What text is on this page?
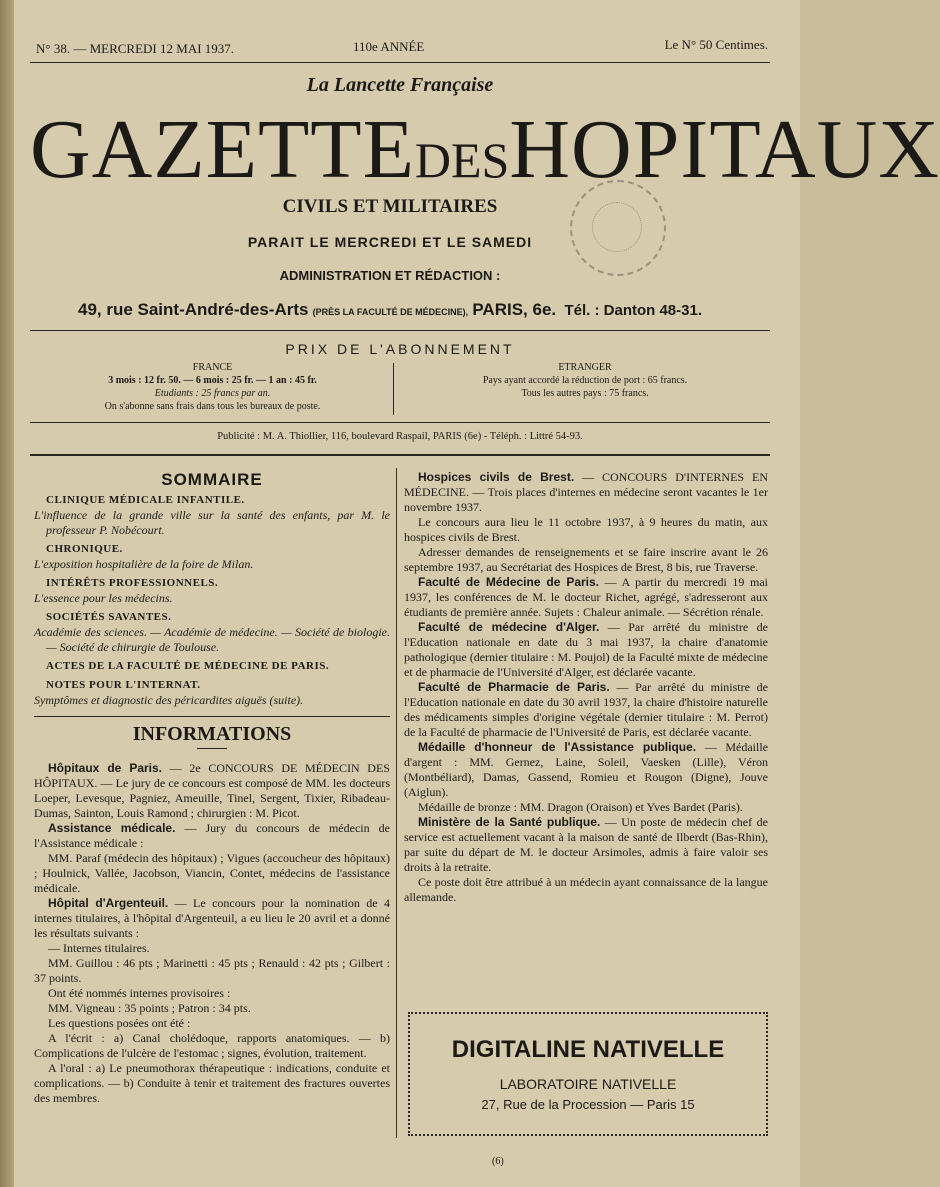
N° 38. — MERCREDI 12 MAI 1937.	110e ANNÉE	Le N° 50 Centimes.
La Lancette Française
GAZETTE DES HOPITAUX
CIVILS ET MILITAIRES
PARAIT LE MERCREDI ET LE SAMEDI
ADMINISTRATION ET RÉDACTION :
49, rue Saint-André-des-Arts (PRÈS LA FACULTÉ DE MÉDECINE), PARIS, 6e. Tél. : Danton 48-31.
PRIX DE L'ABONNEMENT
FRANCE
3 mois : 12 fr. 50. — 6 mois : 25 fr. — 1 an : 45 fr.
Etudiants : 25 francs par an.
On s'abonne sans frais dans tous les bureaux de poste.
ETRANGER
Pays ayant accordé la réduction de port : 65 francs.
Tous les autres pays : 75 francs.
Publicité : M. A. Thiollier, 116, boulevard Raspail, PARIS (6e) - Téléph. : Littré 54-93.
SOMMAIRE
CLINIQUE MÉDICALE INFANTILE.

L'influence de la grande ville sur la santé des enfants, par M. le professeur P. Nobécourt.

CHRONIQUE.

L'exposition hospitalière de la foire de Milan.

INTÉRÊTS PROFESSIONNELS.

L'essence pour les médecins.

SOCIÉTÉS SAVANTES.

Académie des sciences. — Académie de médecine. — Société de biologie. — Société de chirurgie de Toulouse.

ACTES DE LA FACULTÉ DE MÉDECINE DE PARIS.
NOTES POUR L'INTERNAT.

Symptômes et diagnostic des péricardites aiguës (suite).

INFORMATIONS

Hôpitaux de Paris. — 2e CONCOURS DE MÉDECIN DES HÔPITAUX. — Le jury de ce concours est composé de MM. les docteurs Loeper, Levesque, Pagniez, Ameuille, Tinel, Sergent, Tixier, Ribadeau-Dumas, Sainton, Louis Ramond ; chirurgien : M. Picot.

Assistance médicale. — Jury du concours de médecin de l'Assistance médicale :

MM. Paraf (médecin des hôpitaux) ; Vigues (accoucheur des hôpitaux) ; Houlnick, Vallée, Jacobson, Viancin, Contet, médecins de l'assistance médicale.

Hôpital d'Argenteuil. — Le concours pour la nomination de 4 internes titulaires, à l'hôpital d'Argenteuil, a eu lieu le 20 avril et a donné les résultats suivants :

— Internes titulaires.

MM. Guillou : 46 pts ; Marinetti : 45 pts ; Renauld : 42 pts ; Gilbert : 37 points.

Ont été nommés internes provisoires :

MM. Vigneau : 35 points ; Patron : 34 pts.

Les questions posées ont été :

A l'écrit : a) Canal cholédoque, rapports anatomiques. — b) Complications de l'ulcère de l'estomac ; signes, évolution, traitement.

A l'oral : a) Le pneumothorax thérapeutique : indications, conduite et complications. — b) Conduite à tenir et traitement des fractures ouvertes des membres.

Hospices civils de Brest. — CONCOURS D'INTERNES EN MÉDECINE. — Trois places d'internes en médecine seront vacantes le 1er novembre 1937.

Le concours aura lieu le 11 octobre 1937, à 9 heures du matin, aux hospices civils de Brest.

Adresser demandes de renseignements et se faire inscrire avant le 26 septembre 1937, au Secrétariat des Hospices de Brest, 8 bis, rue Traverse.

Faculté de Médecine de Paris. — A partir du mercredi 19 mai 1937, les conférences de M. le docteur Richet, agrégé, s'adresseront aux étudiants de première année. Sujets : Chaleur animale. — Sécrétion rénale.

Faculté de médecine d'Alger. — Par arrêté du ministre de l'Education nationale en date du 3 mai 1937, la chaire d'anatomie pathologique (dernier titulaire : M. Poujol) de la Faculté mixte de médecine et de pharmacie de l'Université d'Alger, est déclarée vacante.

Faculté de Pharmacie de Paris. — Par arrêté du ministre de l'Education nationale en date du 30 avril 1937, la chaire d'histoire naturelle des médicaments simples d'origine végétale (dernier titulaire : M. Perrot) de la Faculté de pharmacie de l'Université de Paris, est déclarée vacante.

Médaille d'honneur de l'Assistance publique. — Médaille d'argent : MM. Gernez, Laine, Soleil, Vaesken (Lille), Véron (Montbéliard), Damas, Gassend, Romieu et Rougon (Digne), Jouve (Aiglun).

Médaille de bronze : MM. Dragon (Oraison) et Yves Bardet (Paris).

Ministère de la Santé publique. — Un poste de médecin chef de service est actuellement vacant à la maison de santé de Ilberdt (Bas-Rhin), par suite du départ de M. le docteur Arsimoles, admis à faire valoir ses droits à la retraite.

Ce poste doit être attribué à un médecin ayant connaissance de la langue allemande.

DIGITALINE NATIVELLE
LABORATOIRE NATIVELLE
27, Rue de la Procession — Paris 15
(6)
